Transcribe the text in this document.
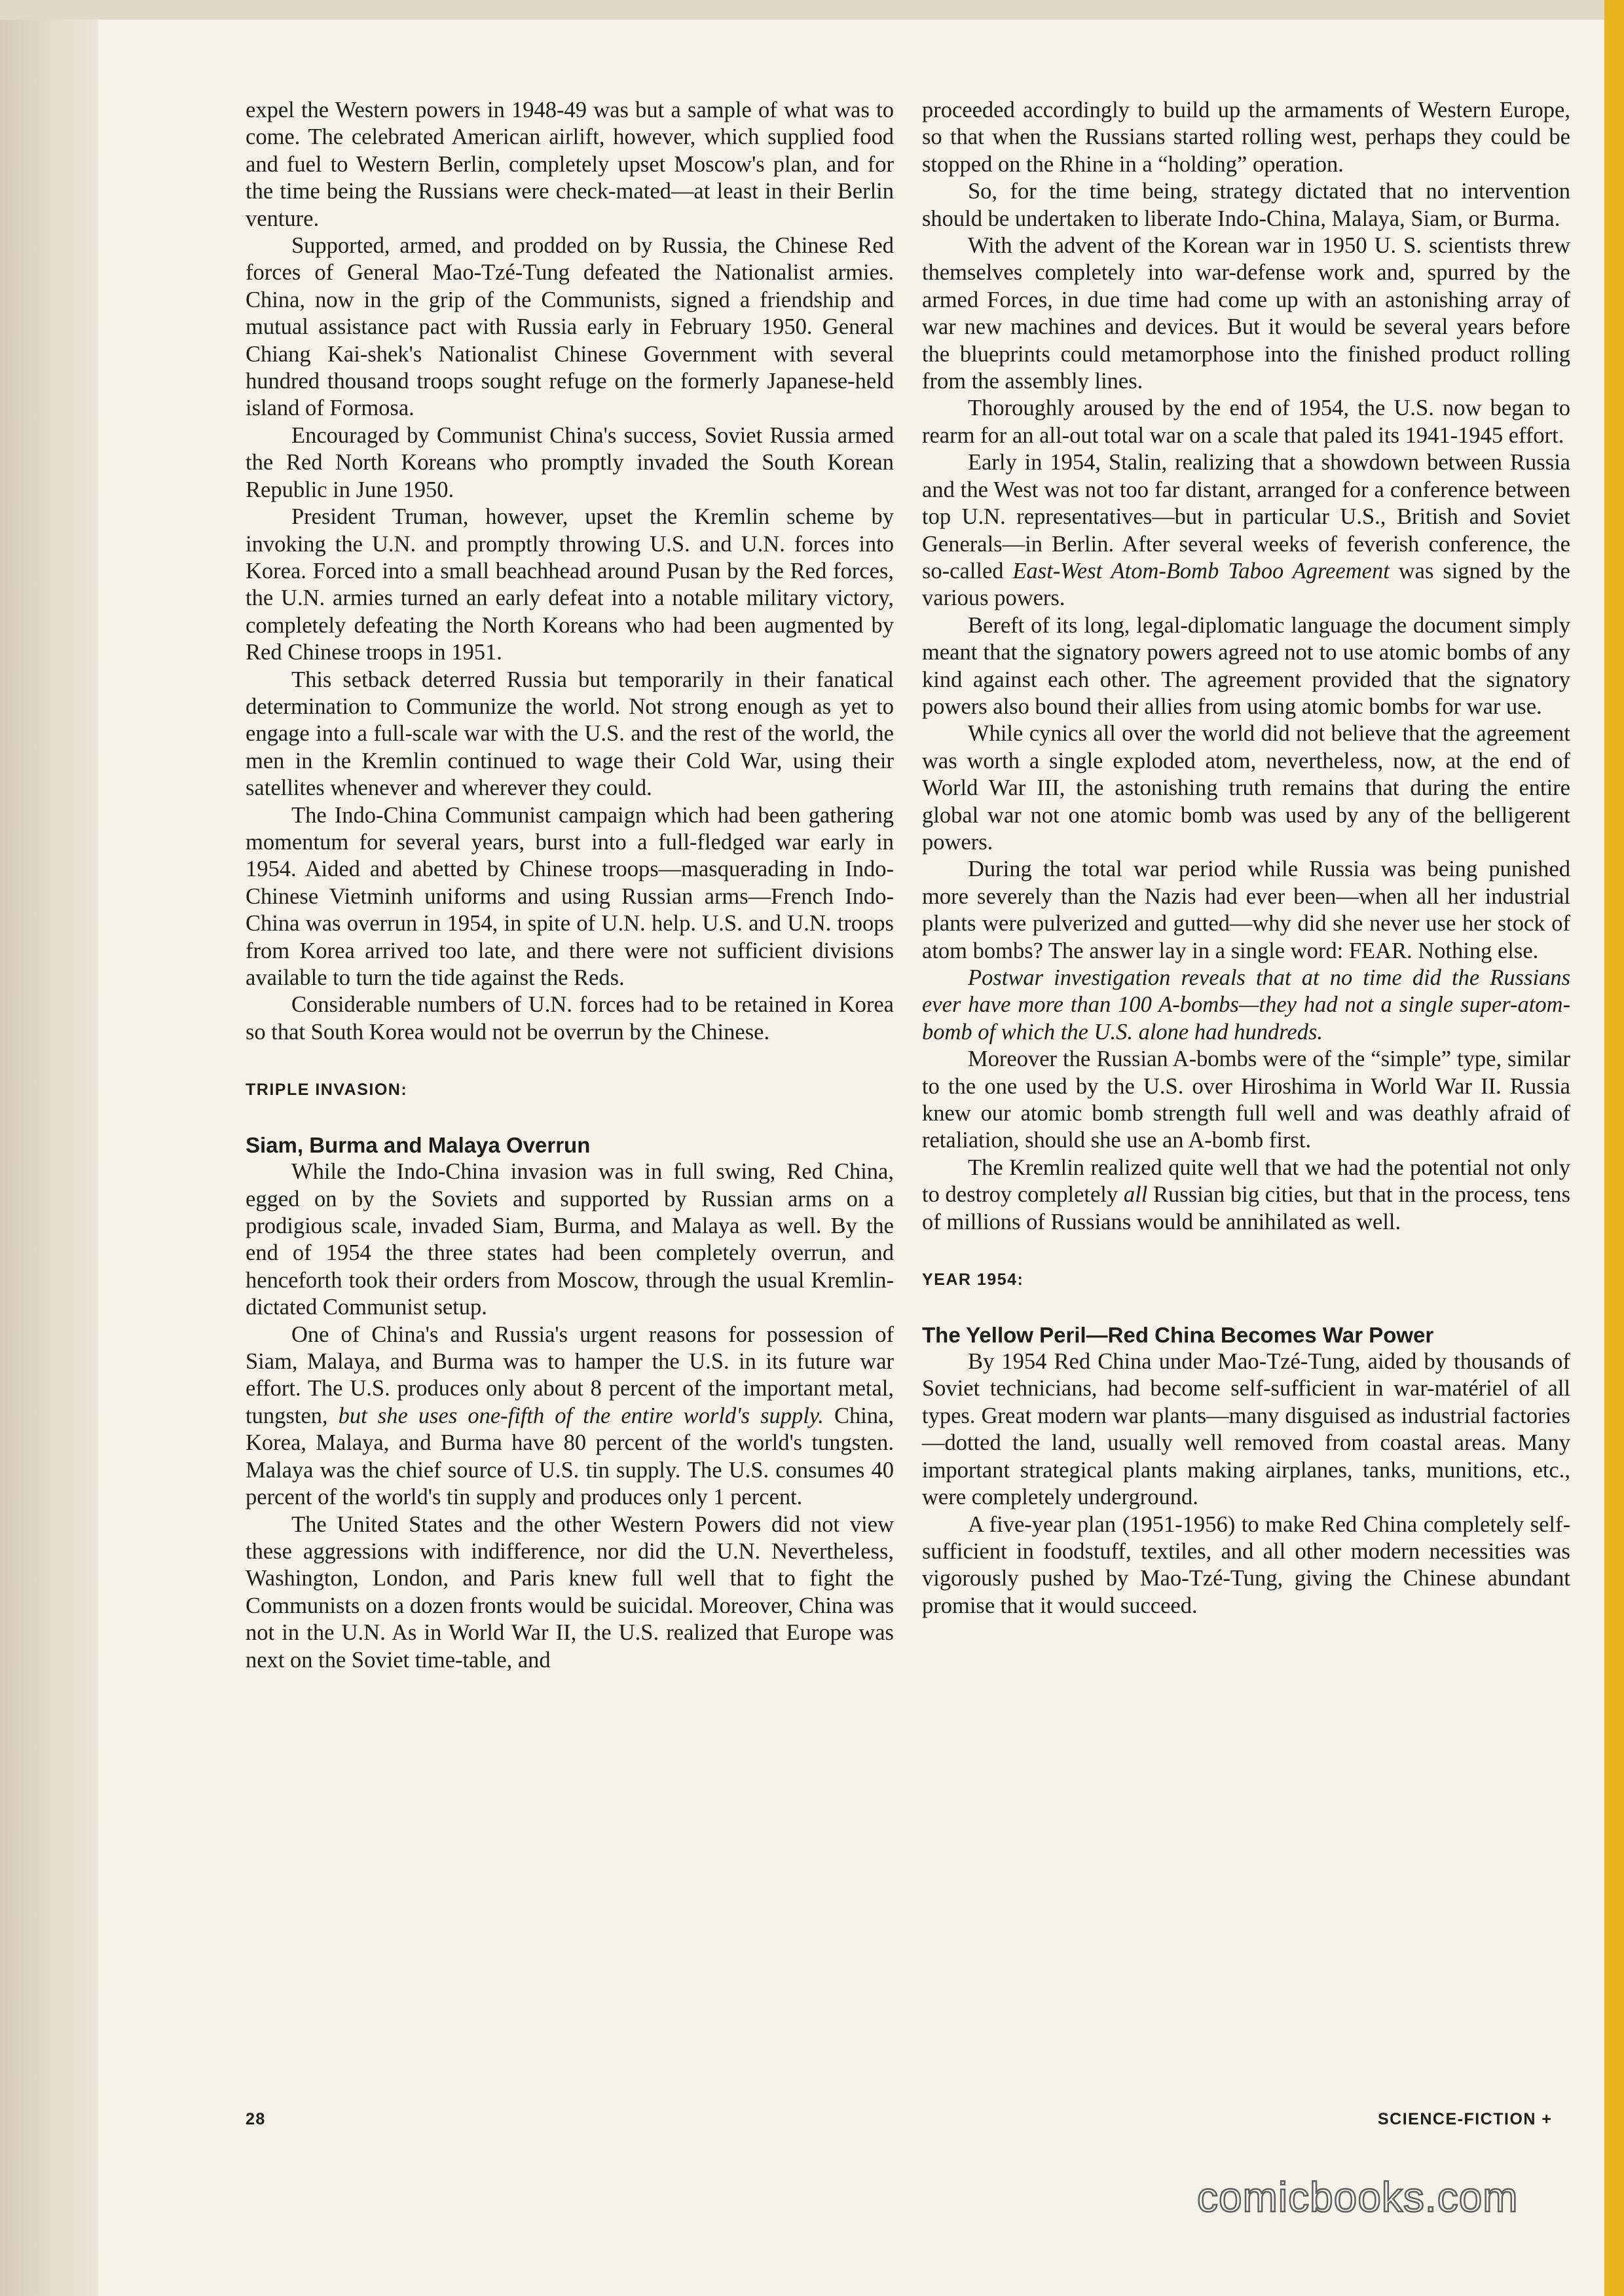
expel the Western powers in 1948-49 was but a sample of what was to come. The celebrated American airlift, however, which supplied food and fuel to Western Berlin, completely upset Moscow's plan, and for the time being the Russians were check-mated—at least in their Berlin venture.

Supported, armed, and prodded on by Russia, the Chinese Red forces of General Mao-Tzé-Tung defeated the Nationalist armies. China, now in the grip of the Communists, signed a friendship and mutual assistance pact with Russia early in February 1950. General Chiang Kai-shek's Nationalist Chinese Government with several hundred thousand troops sought refuge on the formerly Japanese-held island of Formosa.

Encouraged by Communist China's success, Soviet Russia armed the Red North Koreans who promptly invaded the South Korean Republic in June 1950.

President Truman, however, upset the Kremlin scheme by invoking the U.N. and promptly throwing U.S. and U.N. forces into Korea. Forced into a small beachhead around Pusan by the Red forces, the U.N. armies turned an early defeat into a notable military victory, completely defeating the North Koreans who had been augmented by Red Chinese troops in 1951.

This setback deterred Russia but temporarily in their fanatical determination to Communize the world. Not strong enough as yet to engage into a full-scale war with the U.S. and the rest of the world, the men in the Kremlin continued to wage their Cold War, using their satellites whenever and wherever they could.

The Indo-China Communist campaign which had been gathering momentum for several years, burst into a full-fledged war early in 1954. Aided and abetted by Chinese troops—masquerading in Indo-Chinese Vietminh uniforms and using Russian arms—French Indo-China was overrun in 1954, in spite of U.N. help. U.S. and U.N. troops from Korea arrived too late, and there were not sufficient divisions available to turn the tide against the Reds.

Considerable numbers of U.N. forces had to be retained in Korea so that South Korea would not be overrun by the Chinese.

TRIPLE INVASION:
Siam, Burma and Malaya Overrun

While the Indo-China invasion was in full swing, Red China, egged on by the Soviets and supported by Russian arms on a prodigious scale, invaded Siam, Burma, and Malaya as well. By the end of 1954 the three states had been completely overrun, and henceforth took their orders from Moscow, through the usual Kremlin-dictated Communist setup.

One of China's and Russia's urgent reasons for possession of Siam, Malaya, and Burma was to hamper the U.S. in its future war effort. The U.S. produces only about 8 percent of the important metal, tungsten, but she uses one-fifth of the entire world's supply. China, Korea, Malaya, and Burma have 80 percent of the world's tungsten. Malaya was the chief source of U.S. tin supply. The U.S. consumes 40 percent of the world's tin supply and produces only 1 percent.

The United States and the other Western Powers did not view these aggressions with indifference, nor did the U.N. Nevertheless, Washington, London, and Paris knew full well that to fight the Communists on a dozen fronts would be suicidal. Moreover, China was not in the U.N. As in World War II, the U.S. realized that Europe was next on the Soviet time-table, and

proceeded accordingly to build up the armaments of Western Europe, so that when the Russians started rolling west, perhaps they could be stopped on the Rhine in a “holding” operation.

So, for the time being, strategy dictated that no intervention should be undertaken to liberate Indo-China, Malaya, Siam, or Burma.

With the advent of the Korean war in 1950 U. S. scientists threw themselves completely into war-defense work and, spurred by the armed Forces, in due time had come up with an astonishing array of war new machines and devices. But it would be several years before the blueprints could metamorphose into the finished product rolling from the assembly lines.

Thoroughly aroused by the end of 1954, the U.S. now began to rearm for an all-out total war on a scale that paled its 1941-1945 effort.

Early in 1954, Stalin, realizing that a showdown between Russia and the West was not too far distant, arranged for a conference between top U.N. representatives—but in particular U.S., British and Soviet Generals—in Berlin. After several weeks of feverish conference, the so-called East-West Atom-Bomb Taboo Agreement was signed by the various powers.

Bereft of its long, legal-diplomatic language the document simply meant that the signatory powers agreed not to use atomic bombs of any kind against each other. The agreement provided that the signatory powers also bound their allies from using atomic bombs for war use.

While cynics all over the world did not believe that the agreement was worth a single exploded atom, nevertheless, now, at the end of World War III, the astonishing truth remains that during the entire global war not one atomic bomb was used by any of the belligerent powers.

During the total war period while Russia was being punished more severely than the Nazis had ever been—when all her industrial plants were pulverized and gutted—why did she never use her stock of atom bombs? The answer lay in a single word: FEAR. Nothing else.

Postwar investigation reveals that at no time did the Russians ever have more than 100 A-bombs—they had not a single super-atom-bomb of which the U.S. alone had hundreds.

Moreover the Russian A-bombs were of the “simple” type, similar to the one used by the U.S. over Hiroshima in World War II. Russia knew our atomic bomb strength full well and was deathly afraid of retaliation, should she use an A-bomb first.

The Kremlin realized quite well that we had the potential not only to destroy completely all Russian big cities, but that in the process, tens of millions of Russians would be annihilated as well.

YEAR 1954:
The Yellow Peril—Red China Becomes War Power

By 1954 Red China under Mao-Tzé-Tung, aided by thousands of Soviet technicians, had become self-sufficient in war-matériel of all types. Great modern war plants—many disguised as industrial factories—dotted the land, usually well removed from coastal areas. Many important strategical plants making airplanes, tanks, munitions, etc., were completely underground.

A five-year plan (1951-1956) to make Red China completely self-sufficient in foodstuff, textiles, and all other modern necessities was vigorously pushed by Mao-Tzé-Tung, giving the Chinese abundant promise that it would succeed.

28	SCIENCE-FICTION +
comicbooks.com
